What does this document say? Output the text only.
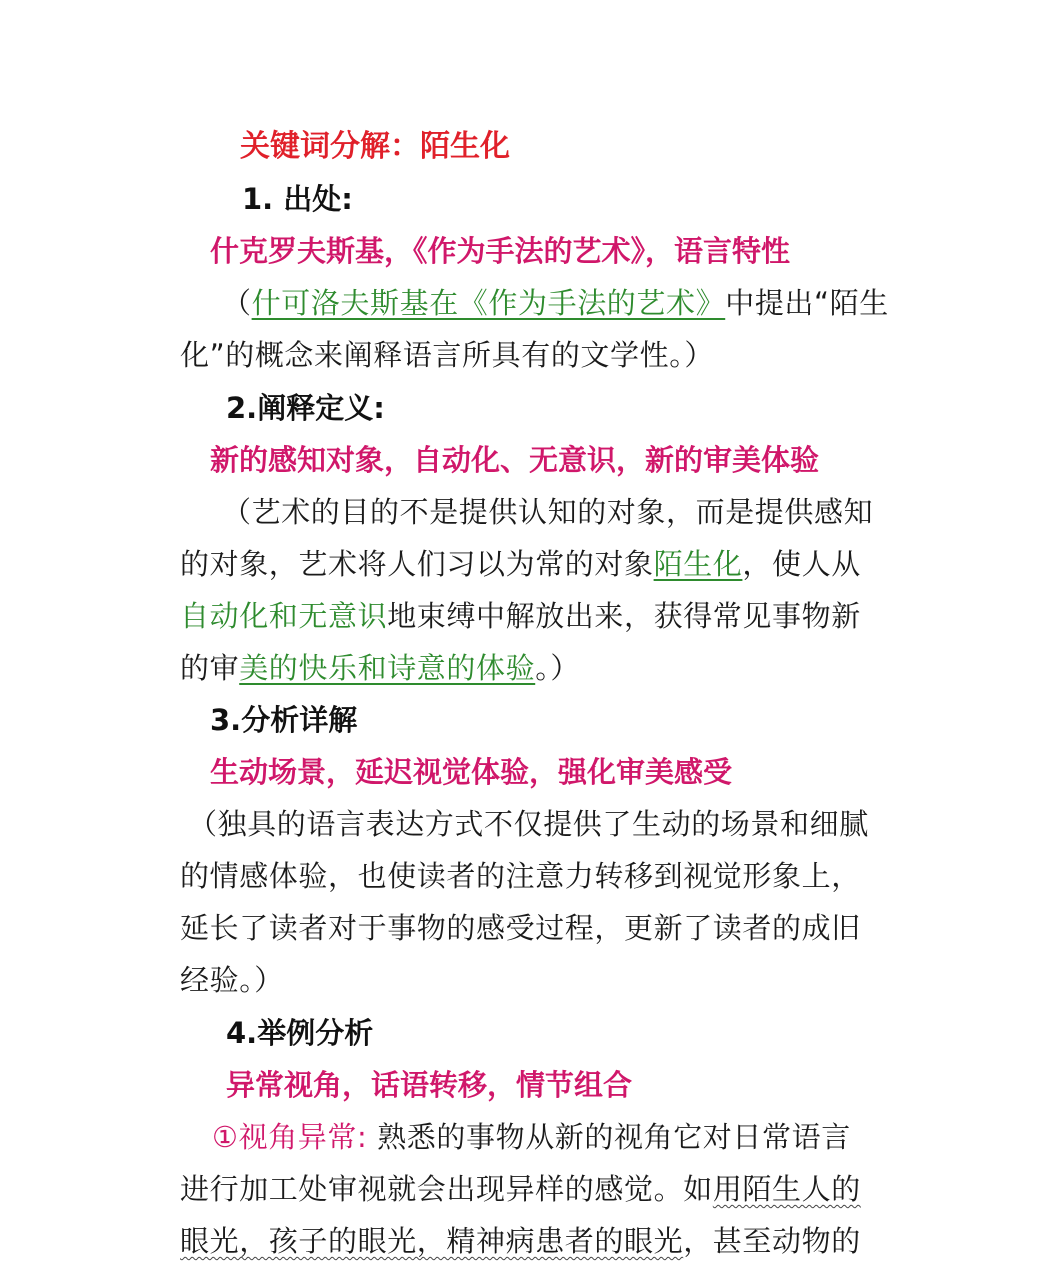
关键词分解：陌生化
1. 出处:
什克罗夫斯基，《作为手法的艺术》，语言特性
（什可洛夫斯基在《作为手法的艺术》中提出“陌生
化”的概念来阐释语言所具有的文学性。）
2.阐释定义:
新的感知对象，自动化、无意识，新的审美体验
（艺术的目的不是提供认知的对象，而是提供感知
的对象，艺术将人们习以为常的对象陌生化，使人从
自动化和无意识地束缚中解放出来，获得常见事物新
的审美的快乐和诗意的体验。）
3.分析详解
生动场景，延迟视觉体验，强化审美感受
（独具的语言表达方式不仅提供了生动的场景和细腻
的情感体验，也使读者的注意力转移到视觉形象上，
延长了读者对于事物的感受过程，更新了读者的成旧
经验。）
4.举例分析
异常视角，话语转移，情节组合
①视角异常: 熟悉的事物从新的视角它对日常语言
进行加工处审视就会出现异样的感觉。如用陌生人的
眼光，孩子的眼光，精神病患者的眼光，甚至动物的
